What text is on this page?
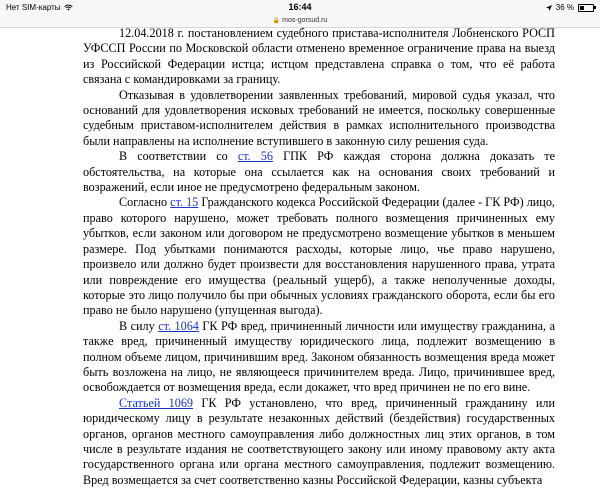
Нет SIM-карты	16:44	36 %
🔒 mos-gorsud.ru

12.04.2018 г. постановлением судебного пристава-исполнителя Лобненского РОСП УФССП России по Московской области отменено временное ограничение права на выезд из Российской Федерации истца; истцом представлена справка о том, что её работа связана с командировками за границу.

Отказывая в удовлетворении заявленных требований, мировой судья указал, что оснований для удовлетворения исковых требований не имеется, поскольку совершенные судебным приставом-исполнителем действия в рамках исполнительного производства были направлены на исполнение вступившего в законную силу решения суда.

В соответствии со ст. 56 ГПК РФ каждая сторона должна доказать те обстоятельства, на которые она ссылается как на основания своих требований и возражений, если иное не предусмотрено федеральным законом.

Согласно ст. 15 Гражданского кодекса Российской Федерации (далее - ГК РФ) лицо, право которого нарушено, может требовать полного возмещения причиненных ему убытков, если законом или договором не предусмотрено возмещение убытков в меньшем размере. Под убытками понимаются расходы, которые лицо, чье право нарушено, произвело или должно будет произвести для восстановления нарушенного права, утрата или повреждение его имущества (реальный ущерб), а также неполученные доходы, которые это лицо получило бы при обычных условиях гражданского оборота, если бы его право не было нарушено (упущенная выгода).

В силу ст. 1064 ГК РФ вред, причиненный личности или имуществу гражданина, а также вред, причиненный имуществу юридического лица, подлежит возмещению в полном объеме лицом, причинившим вред. Законом обязанность возмещения вреда может быть возложена на лицо, не являющееся причинителем вреда. Лицо, причинившее вред, освобождается от возмещения вреда, если докажет, что вред причинен не по его вине.

Статьей 1069 ГК РФ установлено, что вред, причиненный гражданину или юридическому лицу в результате незаконных действий (бездействия) государственных органов, органов местного самоуправления либо должностных лиц этих органов, в том числе в результате издания не соответствующего закону или иному правовому акту акта государственного органа или органа местного самоуправления, подлежит возмещению. Вред возмещается за счет соответственно казны Российской Федерации, казны субъекта
